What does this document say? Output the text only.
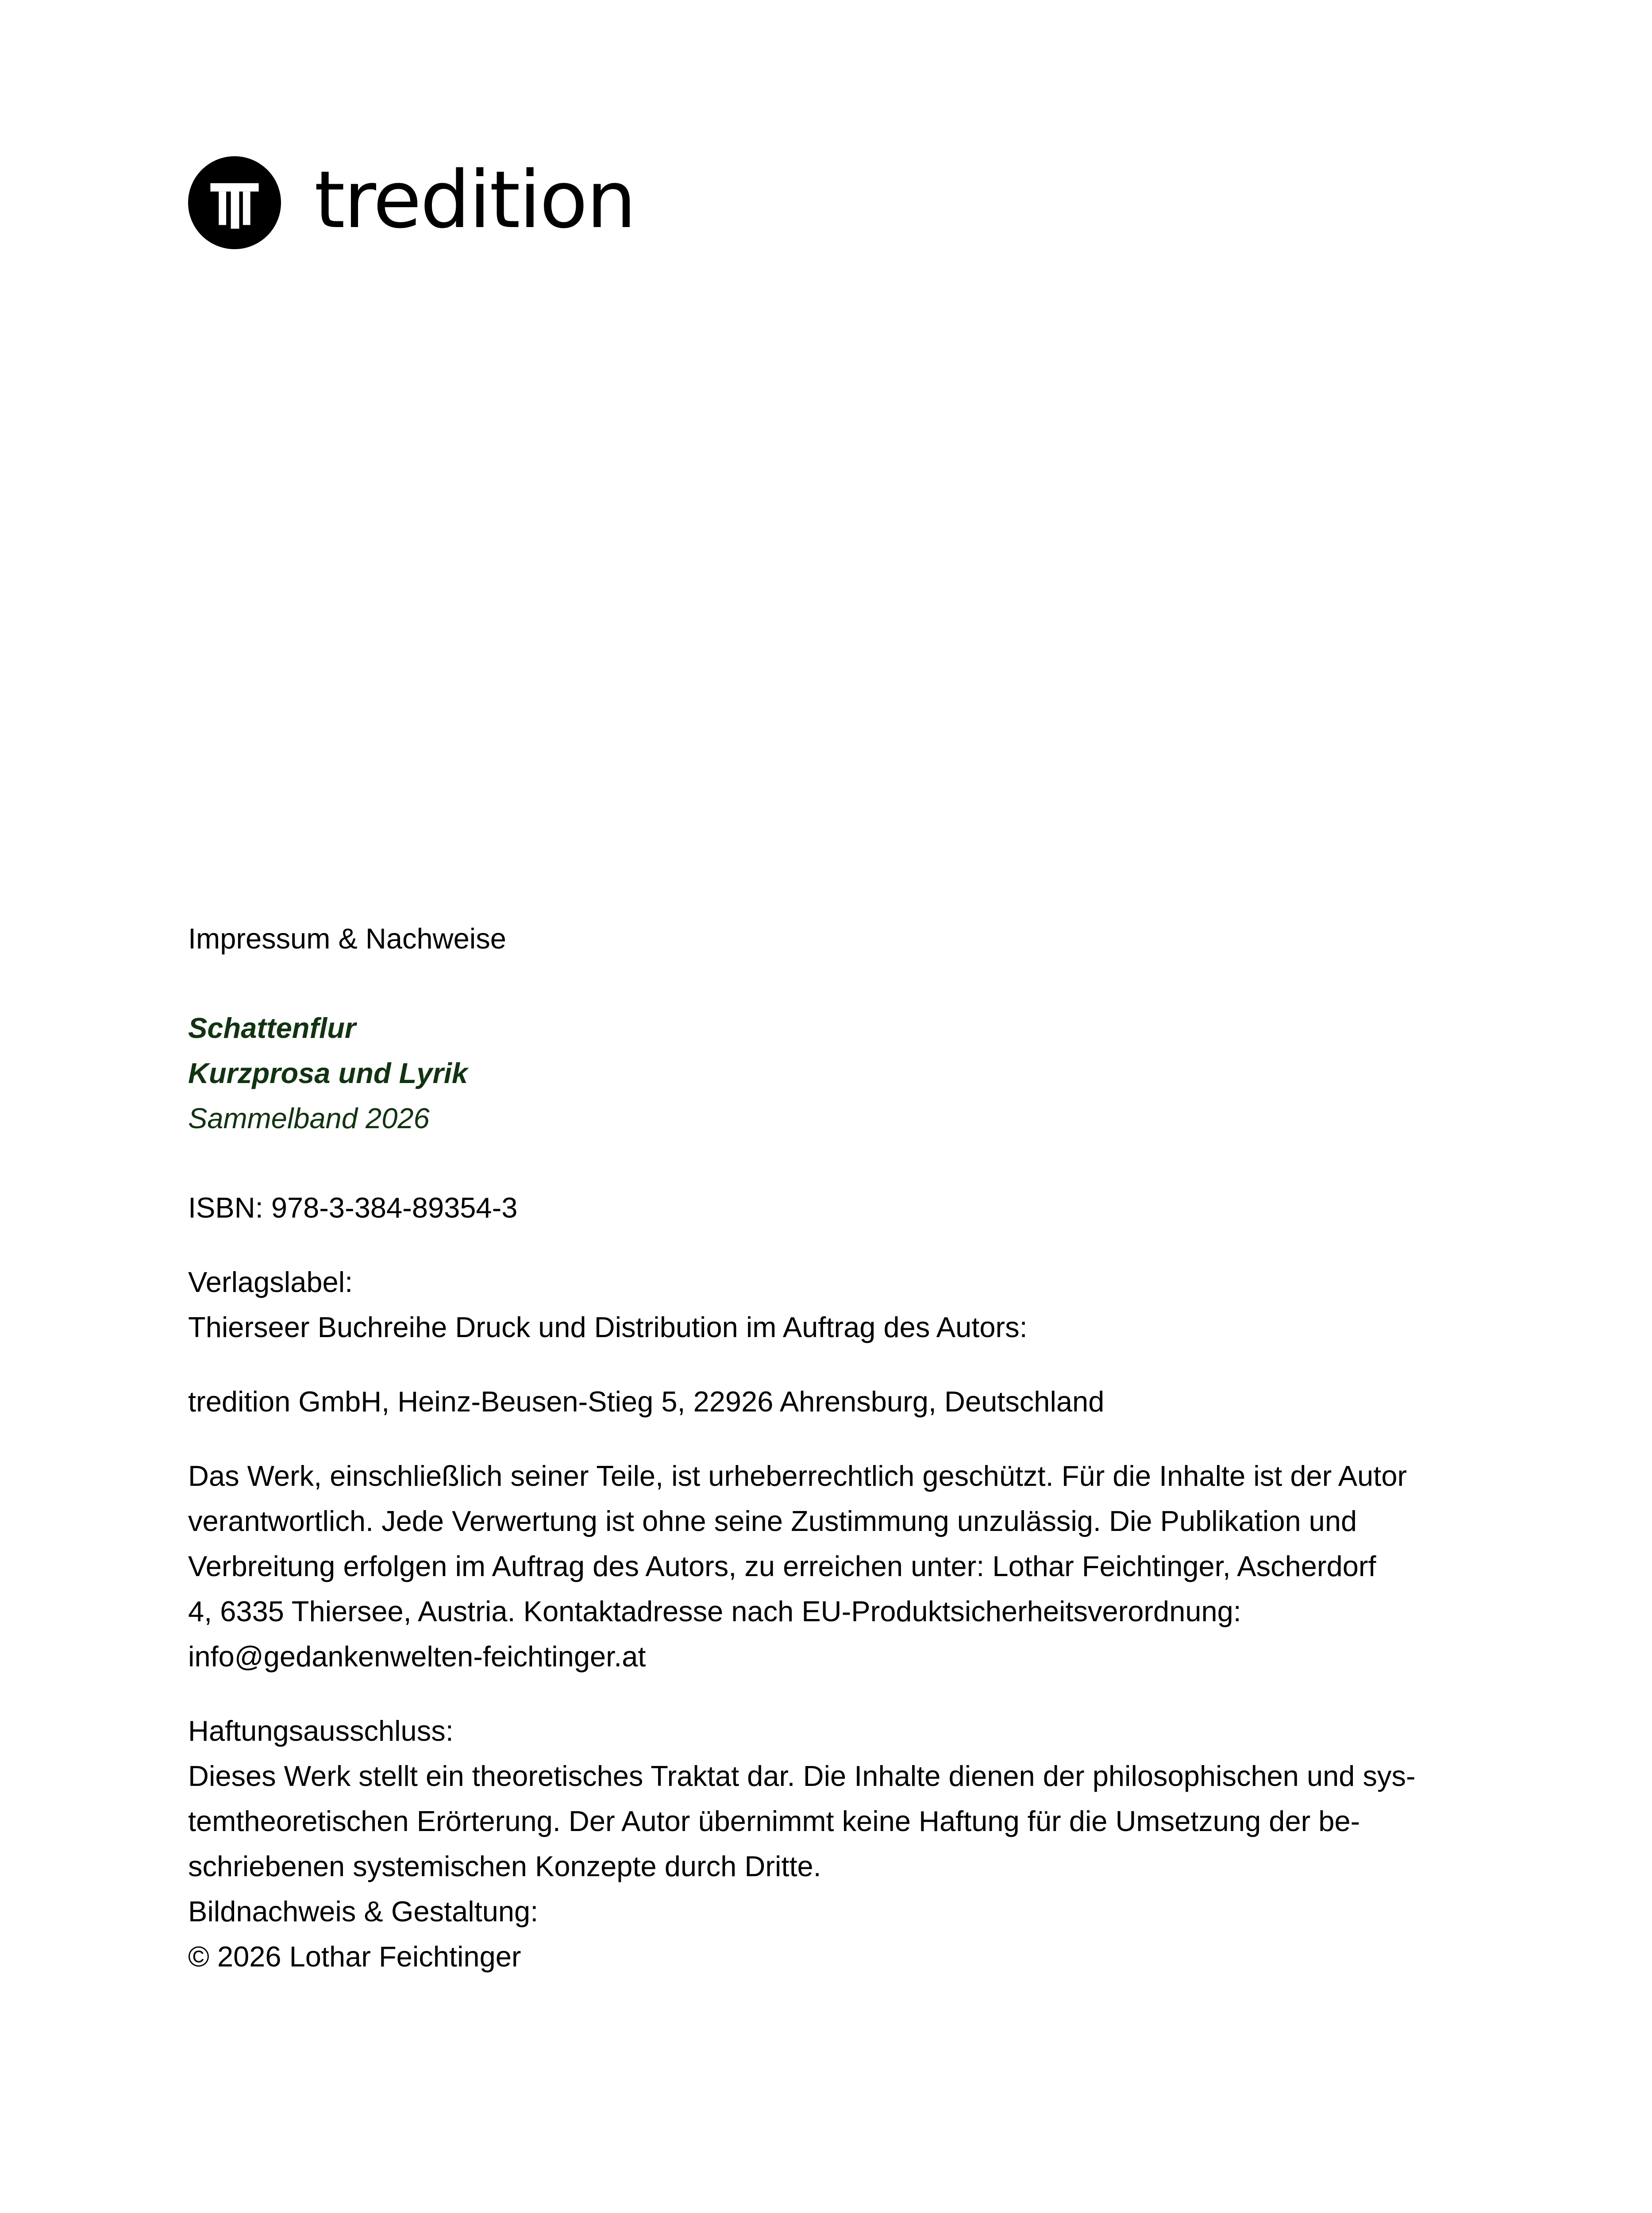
tredition

Impressum & Nachweise

Schattenflur

Kurzprosa und Lyrik

Sammelband 2026

ISBN: 978-3-384-89354-3

Verlagslabel:

Thierseer Buchreihe Druck und Distribution im Auftrag des Autors:

tredition GmbH, Heinz-Beusen-Stieg 5, 22926 Ahrensburg, Deutschland

Das Werk, einschließlich seiner Teile, ist urheberrechtlich geschützt. Für die Inhalte ist der Autor

verantwortlich. Jede Verwertung ist ohne seine Zustimmung unzulässig. Die Publikation und

Verbreitung erfolgen im Auftrag des Autors, zu erreichen unter: Lothar Feichtinger, Ascherdorf

4, 6335 Thiersee, Austria. Kontaktadresse nach EU-Produktsicherheitsverordnung:

info@gedankenwelten-feichtinger.at

Haftungsausschluss:

Dieses Werk stellt ein theoretisches Traktat dar. Die Inhalte dienen der philosophischen und sys-

temtheoretischen Erörterung. Der Autor übernimmt keine Haftung für die Umsetzung der be-

schriebenen systemischen Konzepte durch Dritte.

Bildnachweis & Gestaltung:

© 2026 Lothar Feichtinger
